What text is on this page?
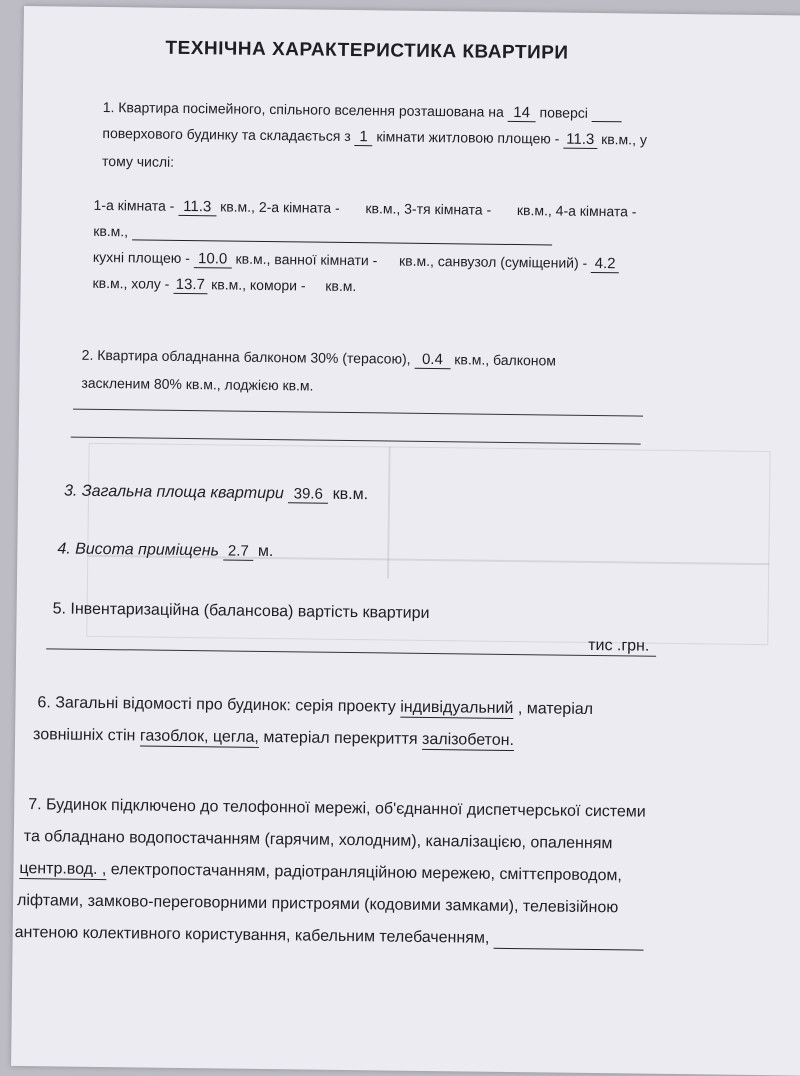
ТЕХНІЧНА ХАРАКТЕРИСТИКА КВАРТИРИ
1. Квартира посімейного, спільного вселення розташована на 14 поверсі
поверхового будинку та складається з 1 кімнати житловою площею - 11.3 кв.м., у
тому числі:
1-а кімната - 11.3 кв.м., 2-а кімната - кв.м., 3-тя кімната - кв.м., 4-а кімната -
кв.м.,
кухні площею - 10.0 кв.м., ванної кімнати - кв.м., санвузол (суміщений) - 4.2
кв.м., холу - 13.7 кв.м., комори - кв.м.
2. Квартира обладнанна балконом 30% (терасою), 0.4 кв.м., балконом
засклeним 80% кв.м., лоджією кв.м.
3. Загальна площа квартири 39.6 кв.м.
4. Висота приміщень 2.7 м.
5. Інвентаризаційна (балансова) вартість квартири
тис .грн.
6. Загальні відомості про будинок: серія проекту індивідуальний , матеріал
зовнішніх стін газоблок, цегла, матеріал перекриття залізобетон.
7. Будинок підключено до телофонної мережі, об'єднанної диспетчерської системи
та обладнано водопостачанням (гарячим, холодним), каналізацією, опаленням
центр.вод. , електропостачанням, радіотранляційною мережею, сміттєпроводом,
ліфтами, замково-переговорними пристроями (кодовими замками), телевізійною
антеною колективного користування, кабельним телебаченням,
